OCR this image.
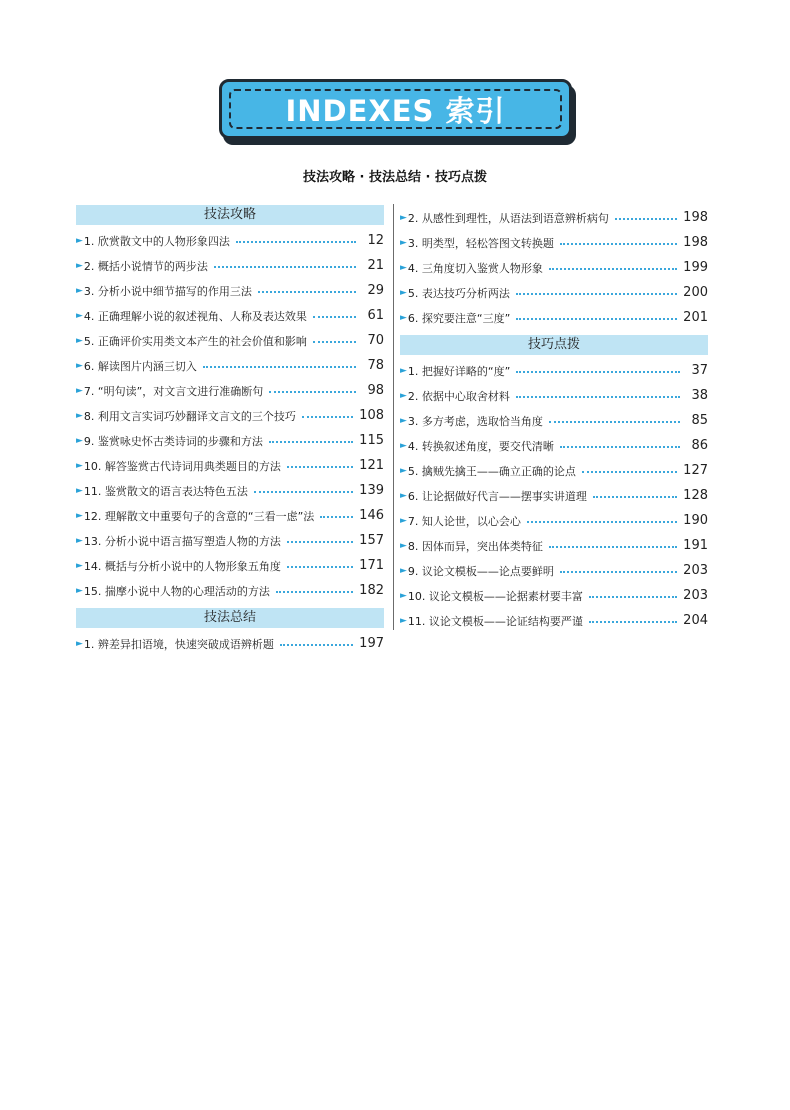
INDEXES 索引
技法攻略 · 技法总结 · 技巧点拨
技法攻略
► 1. 欣赏散文中的人物形象四法	12
► 2. 概括小说情节的两步法	21
► 3. 分析小说中细节描写的作用三法	29
► 4. 正确理解小说的叙述视角、人称及表达效果	61
► 5. 正确评价实用类文本产生的社会价值和影响	70
► 6. 解读图片内涵三切入	78
► 7. “明句读”，对文言文进行准确断句	98
► 8. 利用文言实词巧妙翻译文言文的三个技巧	108
► 9. 鉴赏咏史怀古类诗词的步骤和方法	115
► 10. 解答鉴赏古代诗词用典类题目的方法	121
► 11. 鉴赏散文的语言表达特色五法	139
► 12. 理解散文中重要句子的含意的“三看一虑”法	146
► 13. 分析小说中语言描写塑造人物的方法	157
► 14. 概括与分析小说中的人物形象五角度	171
► 15. 揣摩小说中人物的心理活动的方法	182
技法总结
► 1. 辨差异扣语境，快速突破成语辨析题	197
► 2. 从感性到理性，从语法到语意辨析病句	198
► 3. 明类型，轻松答图文转换题	198
► 4. 三角度切入鉴赏人物形象	199
► 5. 表达技巧分析两法	200
► 6. 探究要注意“三度”	201
技巧点拨
► 1. 把握好详略的“度”	37
► 2. 依据中心取舍材料	38
► 3. 多方考虑，选取恰当角度	85
► 4. 转换叙述角度，要交代清晰	86
► 5. 擒贼先擒王——确立正确的论点	127
► 6. 让论据做好代言——摆事实讲道理	128
► 7. 知人论世，以心会心	190
► 8. 因体而异，突出体类特征	191
► 9. 议论文模板——论点要鲜明	203
► 10. 议论文模板——论据素材要丰富	203
► 11. 议论文模板——论证结构要严谨	204
